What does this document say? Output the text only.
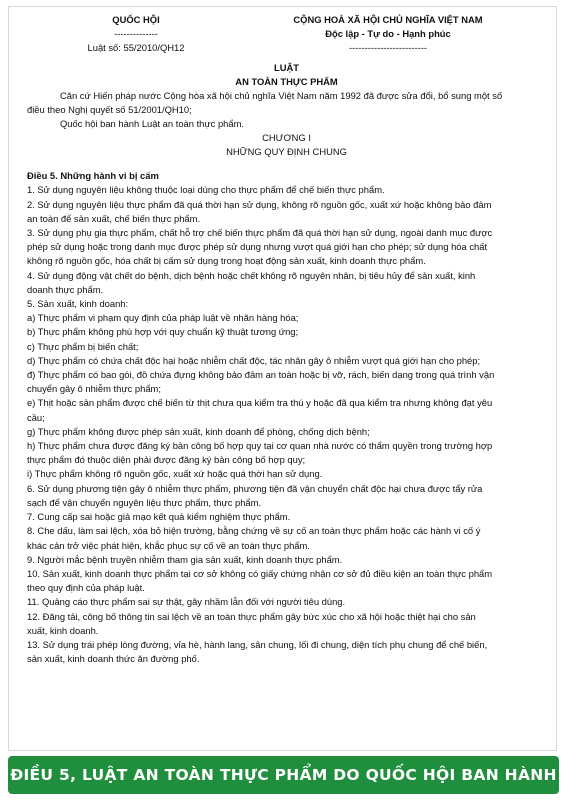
QUỐC HỘI

--------------

Luật số: 55/2010/QH12

CỘNG HOÀ XÃ HỘI CHỦ NGHĨA VIỆT NAM

Độc lập - Tự do - Hạnh phúc

-------------------------

LUẬT

AN TOÀN THỰC PHẨM

Căn cứ Hiến pháp nước Cộng hòa xã hội chủ nghĩa Việt Nam năm 1992 đã được sửa đổi, bổ sung một số

điều theo Nghị quyết số 51/2001/QH10;

Quốc hội ban hành Luật an toàn thực phẩm.

CHƯƠNG I

NHỮNG QUY ĐỊNH CHUNG

Điều 5. Những hành vi bị cấm

1. Sử dụng nguyên liệu không thuộc loại dùng cho thực phẩm để chế biến thực phẩm.

2. Sử dụng nguyên liệu thực phẩm đã quá thời hạn sử dụng, không rõ nguồn gốc, xuất xứ hoặc không bảo đảm

an toàn để sản xuất, chế biến thực phẩm.

3. Sử dụng phụ gia thực phẩm, chất hỗ trợ chế biến thực phẩm đã quá thời hạn sử dụng, ngoài danh mục được

phép sử dụng hoặc trong danh mục được phép sử dụng nhưng vượt quá giới hạn cho phép; sử dụng hóa chất

không rõ nguồn gốc, hóa chất bị cấm sử dụng trong hoạt động sản xuất, kinh doanh thực phẩm.

4. Sử dụng động vật chết do bệnh, dịch bệnh hoặc chết không rõ nguyên nhân, bị tiêu hủy để sản xuất, kinh

doanh thực phẩm.

5. Sản xuất, kinh doanh:

a) Thực phẩm vi phạm quy định của pháp luật về nhãn hàng hóa;

b) Thực phẩm không phù hợp với quy chuẩn kỹ thuật tương ứng;

c) Thực phẩm bị biến chất;

d) Thực phẩm có chứa chất độc hại hoặc nhiễm chất độc, tác nhân gây ô nhiễm vượt quá giới hạn cho phép;

đ) Thực phẩm có bao gói, đồ chứa đựng không bảo đảm an toàn hoặc bị vỡ, rách, biến dạng trong quá trình vận

chuyển gây ô nhiễm thực phẩm;

e) Thịt hoặc sản phẩm được chế biến từ thịt chưa qua kiểm tra thú y hoặc đã qua kiểm tra nhưng không đạt yêu

cầu;

g) Thực phẩm không được phép sản xuất, kinh doanh để phòng, chống dịch bệnh;

h) Thực phẩm chưa được đăng ký bản công bố hợp quy tại cơ quan nhà nước có thẩm quyền trong trường hợp

thực phẩm đó thuộc diện phải được đăng ký bản công bố hợp quy;

i) Thực phẩm không rõ nguồn gốc, xuất xứ hoặc quá thời hạn sử dụng.

6. Sử dụng phương tiện gây ô nhiễm thực phẩm, phương tiện đã vận chuyển chất độc hại chưa được tẩy rửa

sạch để vận chuyển nguyên liệu thực phẩm, thực phẩm.

7. Cung cấp sai hoặc giả mạo kết quả kiểm nghiệm thực phẩm.

8. Che dấu, làm sai lệch, xóa bỏ hiện trường, bằng chứng về sự cố an toàn thực phẩm hoặc các hành vi cố ý

khác cản trở việc phát hiện, khắc phục sự cố về an toàn thực phẩm.

9. Người mắc bệnh truyền nhiễm tham gia sản xuất, kinh doanh thực phẩm.

10. Sản xuất, kinh doanh thực phẩm tại cơ sở không có giấy chứng nhận cơ sở đủ điều kiện an toàn thực phẩm

theo quy định của pháp luật.

11. Quảng cáo thực phẩm sai sự thật, gây nhầm lẫn đối với người tiêu dùng.

12. Đăng tải, công bố thông tin sai lệch về an toàn thực phẩm gây bức xúc cho xã hội hoặc thiệt hại cho sản

xuất, kinh doanh.

13. Sử dụng trái phép lòng đường, vỉa hè, hành lang, sân chung, lối đi chung, diện tích phụ chung để chế biến,

sản xuất, kinh doanh thức ăn đường phố.

ĐIỀU 5, LUẬT AN TOÀN THỰC PHẨM DO QUỐC HỘI BAN HÀNH
